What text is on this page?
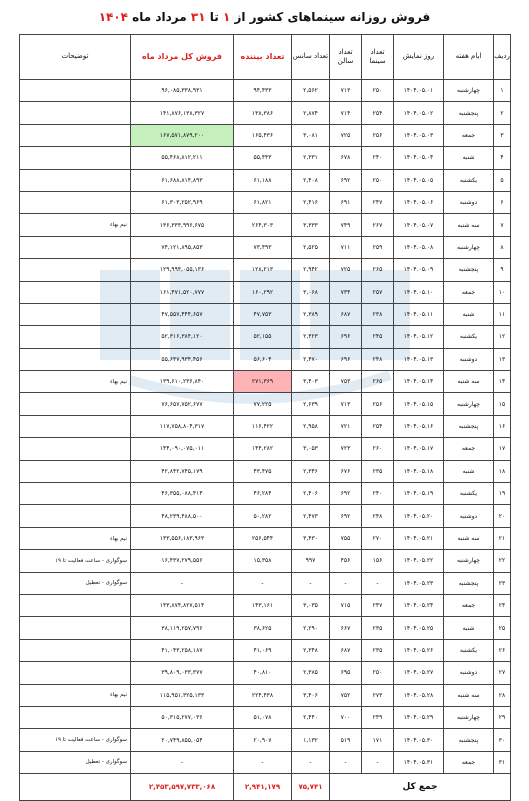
فروش روزانه سینماهای کشور از ۱ تا ۳۱ مرداد ماه ۱۴۰۴
ردیف	ایام هفته	روز نمایش	تعداد سینما	تعداد سالن	تعداد سانس	تعداد بیننده	فروش کل مرداد ماه	توضیحات
۱	چهارشنبه	۱۴۰۴.۰۵.۰۱	۲۵۰	۷۱۳	۲,۵۶۲	۹۴,۴۳۳	۹۶,۰۸۵,۳۳۸,۹۳۱	
۲	پنجشنبه	۱۴۰۴.۰۵.۰۲	۲۵۴	۷۱۴	۲,۸۷۴	۱۳۸,۳۸۶	۱۴۱,۸۷۶,۱۳۸,۳۲۷	
۳	جمعه	۱۴۰۴.۰۵.۰۳	۲۵۶	۷۲۵	۳,۰۸۱	۱۶۵,۴۳۶	۱۶۷,۵۷۱,۸۷۹,۲۰۰	
۴	شنبه	۱۴۰۴.۰۵.۰۴	۲۴۰	۶۷۸	۲,۳۳۱	۵۵,۴۴۳	۵۵,۴۶۸,۸۱۲,۲۱۱	
۵	یکشنبه	۱۴۰۴.۰۵.۰۵	۲۵۰	۶۹۲	۲,۴۰۸	۶۱,۱۸۸	۶۱,۶۸۸,۸۱۴,۸۹۳	
۶	دوشنبه	۱۴۰۴.۰۵.۰۶	۲۴۷	۶۹۱	۲,۴۱۶	۶۱,۸۲۱	۶۱,۳۰۳,۲۵۲,۹۶۹	
۷	سه شنبه	۱۴۰۴.۰۵.۰۷	۲۶۷	۷۴۹	۳,۳۳۳	۲۶۴,۳۰۳	۱۳۶,۳۳۳,۹۹۶,۶۷۵	نیم بهاء
۸	چهارشنبه	۱۴۰۴.۰۵.۰۸	۲۵۹	۷۱۱	۲,۵۲۵	۷۳,۴۹۳	۷۴,۱۲۱,۸۹۵,۸۵۳	
۹	پنجشنبه	۱۴۰۴.۰۵.۰۹	۲۶۵	۷۲۵	۲,۹۴۲	۱۲۸,۲۱۳	۱۲۹,۹۹۴,۰۵۵,۱۳۶	
۱۰	جمعه	۱۴۰۴.۰۵.۱۰	۲۵۷	۷۳۴	۳,۰۶۸	۱۶۰,۲۹۲	۱۶۱,۴۷۱,۵۲۰,۷۷۷	
۱۱	شنبه	۱۴۰۴.۰۵.۱۱	۲۳۸	۶۸۷	۲,۳۸۹	۴۷,۷۵۳	۴۷,۵۵۷,۴۴۴,۶۵۷	
۱۲	یکشنبه	۱۴۰۴.۰۵.۱۲	۲۴۵	۶۹۶	۲,۴۲۳	۵۲,۱۵۵	۵۲,۳۱۶,۳۸۴,۱۲۰	
۱۳	دوشنبه	۱۴۰۴.۰۵.۱۳	۲۴۸	۶۹۶	۲,۴۷۰	۵۶,۶۰۴	۵۵,۶۴۷,۹۳۴,۴۵۶	
۱۴	سه شنبه	۱۴۰۴.۰۵.۱۴	۲۶۵	۷۵۳	۳,۴۰۳	۲۷۱,۳۶۹	۱۳۹,۶۱۰,۲۳۶,۸۴۰	نیم بهاء
۱۵	چهارشنبه	۱۴۰۴.۰۵.۱۵	۲۵۶	۷۱۳	۲,۶۳۹	۷۷,۲۲۵	۷۶,۶۵۷,۷۵۲,۶۷۷	
۱۶	پنجشنبه	۱۴۰۴.۰۵.۱۶	۲۵۴	۷۲۱	۲,۹۵۸	۱۱۶,۴۲۲	۱۱۷,۷۵۸,۸۰۴,۳۱۷	
۱۷	جمعه	۱۴۰۴.۰۵.۱۷	۲۶۰	۷۲۳	۳,۰۵۳	۱۴۴,۲۸۲	۱۴۴,۰۹۰,۰۷۵,۰۱۱	
۱۸	شنبه	۱۴۰۴.۰۵.۱۸	۲۳۵	۶۷۶	۲,۳۴۶	۴۳,۴۷۵	۴۲,۸۴۲,۷۴۵,۱۷۹	
۱۹	یکشنبه	۱۴۰۴.۰۵.۱۹	۲۴۰	۶۹۲	۲,۴۰۶	۴۶,۲۸۴	۴۶,۳۵۵,۰۸۸,۴۱۴	
۲۰	دوشنبه	۱۴۰۴.۰۵.۲۰	۲۴۸	۶۹۲	۲,۴۷۳	۵۰,۲۸۲	۴۸,۲۳۹,۴۸۸,۵۰۰	
۲۱	سه شنبه	۱۴۰۴.۰۵.۲۱	۲۷۰	۷۵۵	۳,۴۳۰	۲۵۶,۵۴۴	۱۳۳,۵۵۶,۱۸۳,۹۶۳	نیم بهاء
۲۲	چهارشنبه	۱۴۰۴.۰۵.۲۲	۱۵۶	۴۵۶	۹۹۷	۱۵,۳۵۸	۱۶,۴۳۷,۲۷۹,۵۵۶	سوگواری - ساعت فعالیت تا ۱۹
۲۳	پنجشنبه	۱۴۰۴.۰۵.۲۳	-	-	-	-	-	سوگواری - تعطیل
۲۴	جمعه	۱۴۰۴.۰۵.۲۴	۲۴۷	۷۱۵	۳,۰۳۵	۱۴۳,۱۶۱	۱۴۳,۸۷۴,۸۲۷,۵۱۴	
۲۵	شنبه	۱۴۰۴.۰۵.۲۵	۲۳۵	۶۶۷	۲,۲۹۰	۳۸,۶۲۵	۳۸,۱۱۹,۲۵۷,۷۹۶	
۲۶	یکشنبه	۱۴۰۴.۰۵.۲۶	۲۳۵	۶۸۷	۲,۳۴۸	۴۱,۰۶۹	۴۱,۰۴۳,۲۵۸,۱۸۷	
۲۷	دوشنبه	۱۴۰۴.۰۵.۲۷	۲۵۰	۶۹۵	۲,۳۸۵	۴۰,۸۱۰	۳۹,۸۰۹,۰۳۳,۳۷۷	
۲۸	سه شنبه	۱۴۰۴.۰۵.۲۸	۲۷۳	۷۵۲	۳,۴۰۶	۲۲۴,۴۳۸	۱۱۵,۹۵۱,۳۲۵,۱۳۳	نیم بهاء
۲۹	چهارشنبه	۱۴۰۴.۰۵.۲۹	۲۴۹	۷۰۰	۲,۴۴۰	۵۱,۰۷۸	۵۰,۳۱۵,۲۷۷,۰۳۶	
۳۰	پنجشنبه	۱۴۰۴.۰۵.۳۰	۱۷۱	۵۱۹	۱,۱۳۲	۲۰,۹۰۷	۲۰,۷۴۹,۸۵۵,۰۵۴	سوگواری - ساعت فعالیت تا ۱۹
۳۱	جمعه	۱۴۰۴.۰۵.۳۱	-	-	-	-	-	سوگواری - تعطیل
جمع کل					۷۵,۷۴۱	۲,۹۴۱,۱۷۹	۲,۴۵۳,۵۹۷,۷۳۳,۰۶۸	
